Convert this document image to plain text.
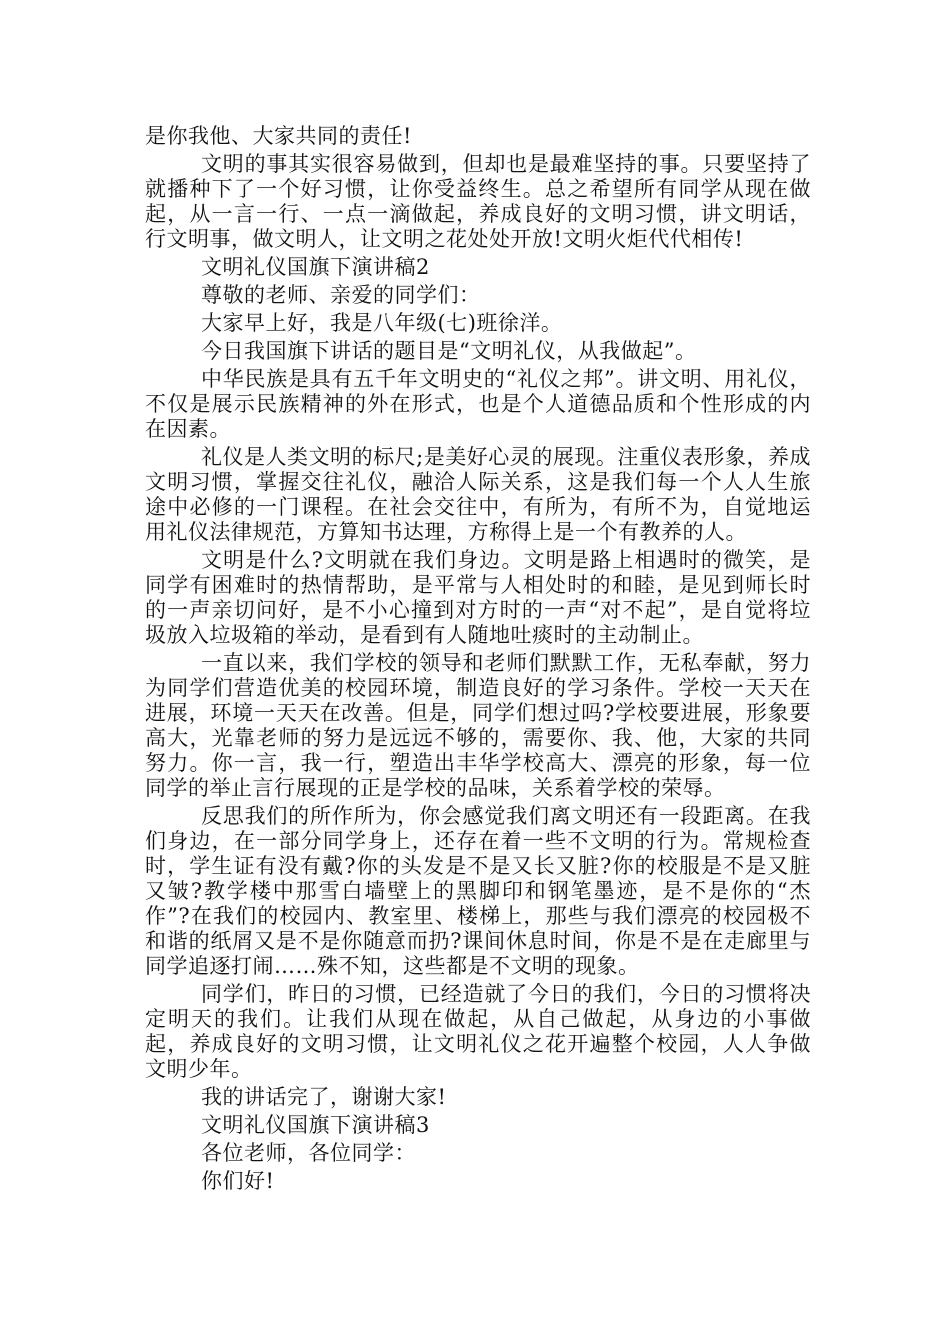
是你我他、大家共同的责任!

文明的事其实很容易做到，但却也是最难坚持的事。只要坚持了就播种下了一个好习惯，让你受益终生。总之希望所有同学从现在做起，从一言一行、一点一滴做起，养成良好的文明习惯，讲文明话，行文明事，做文明人，让文明之花处处开放!文明火炬代代相传!

文明礼仪国旗下演讲稿2

尊敬的老师、亲爱的同学们：

大家早上好，我是八年级(七)班徐洋。

今日我国旗下讲话的题目是“文明礼仪，从我做起”。

中华民族是具有五千年文明史的“礼仪之邦”。讲文明、用礼仪，不仅是展示民族精神的外在形式，也是个人道德品质和个性形成的内在因素。

礼仪是人类文明的标尺;是美好心灵的展现。注重仪表形象，养成文明习惯，掌握交往礼仪，融洽人际关系，这是我们每一个人人生旅途中必修的一门课程。在社会交往中，有所为，有所不为，自觉地运用礼仪法律规范，方算知书达理，方称得上是一个有教养的人。

文明是什么?文明就在我们身边。文明是路上相遇时的微笑，是同学有困难时的热情帮助，是平常与人相处时的和睦，是见到师长时的一声亲切问好，是不小心撞到对方时的一声“对不起”，是自觉将垃圾放入垃圾箱的举动，是看到有人随地吐痰时的主动制止。

一直以来，我们学校的领导和老师们默默工作，无私奉献，努力为同学们营造优美的校园环境，制造良好的学习条件。学校一天天在进展，环境一天天在改善。但是，同学们想过吗?学校要进展，形象要高大，光靠老师的努力是远远不够的，需要你、我、他，大家的共同努力。你一言，我一行，塑造出丰华学校高大、漂亮的形象，每一位同学的举止言行展现的正是学校的品味，关系着学校的荣辱。

反思我们的所作所为，你会感觉我们离文明还有一段距离。在我们身边，在一部分同学身上，还存在着一些不文明的行为。常规检查时，学生证有没有戴?你的头发是不是又长又脏?你的校服是不是又脏又皱?教学楼中那雪白墙壁上的黑脚印和钢笔墨迹，是不是你的“杰作”?在我们的校园内、教室里、楼梯上，那些与我们漂亮的校园极不和谐的纸屑又是不是你随意而扔?课间休息时间，你是不是在走廊里与同学追逐打闹……殊不知，这些都是不文明的现象。

同学们，昨日的习惯，已经造就了今日的我们，今日的习惯将决定明天的我们。让我们从现在做起，从自己做起，从身边的小事做起，养成良好的文明习惯，让文明礼仪之花开遍整个校园，人人争做文明少年。

我的讲话完了，谢谢大家!

文明礼仪国旗下演讲稿3

各位老师，各位同学：

你们好!
